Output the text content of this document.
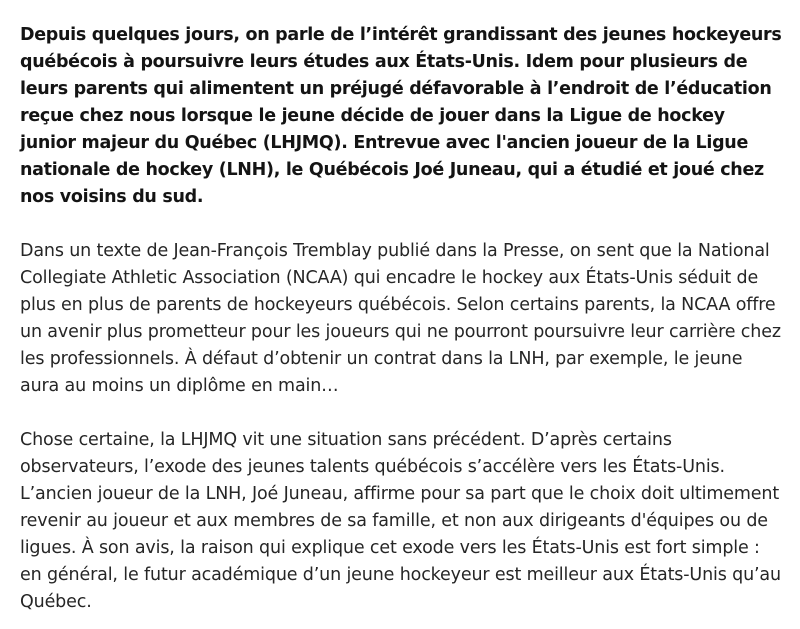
Depuis quelques jours, on parle de l’intérêt grandissant des jeunes hockeyeurs québécois à poursuivre leurs études aux États-Unis. Idem pour plusieurs de leurs parents qui alimentent un préjugé défavorable à l’endroit de l’éducation reçue chez nous lorsque le jeune décide de jouer dans la Ligue de hockey junior majeur du Québec (LHJMQ). Entrevue avec l'ancien joueur de la Ligue nationale de hockey (LNH), le Québécois Joé Juneau, qui a étudié et joué chez nos voisins du sud.

Dans un texte de Jean-François Tremblay publié dans la Presse, on sent que la National Collegiate Athletic Association (NCAA) qui encadre le hockey aux États-Unis séduit de plus en plus de parents de hockeyeurs québécois. Selon certains parents, la NCAA offre un avenir plus prometteur pour les joueurs qui ne pourront poursuivre leur carrière chez les professionnels. À défaut d’obtenir un contrat dans la LNH, par exemple, le jeune aura au moins un diplôme en main…

Chose certaine, la LHJMQ vit une situation sans précédent. D’après certains observateurs, l’exode des jeunes talents québécois s’accélère vers les États-Unis. L’ancien joueur de la LNH, Joé Juneau, affirme pour sa part que le choix doit ultimement revenir au joueur et aux membres de sa famille, et non aux dirigeants d'équipes ou de ligues. À son avis, la raison qui explique cet exode vers les États-Unis est fort simple : en général, le futur académique d’un jeune hockeyeur est meilleur aux États-Unis qu’au Québec.
